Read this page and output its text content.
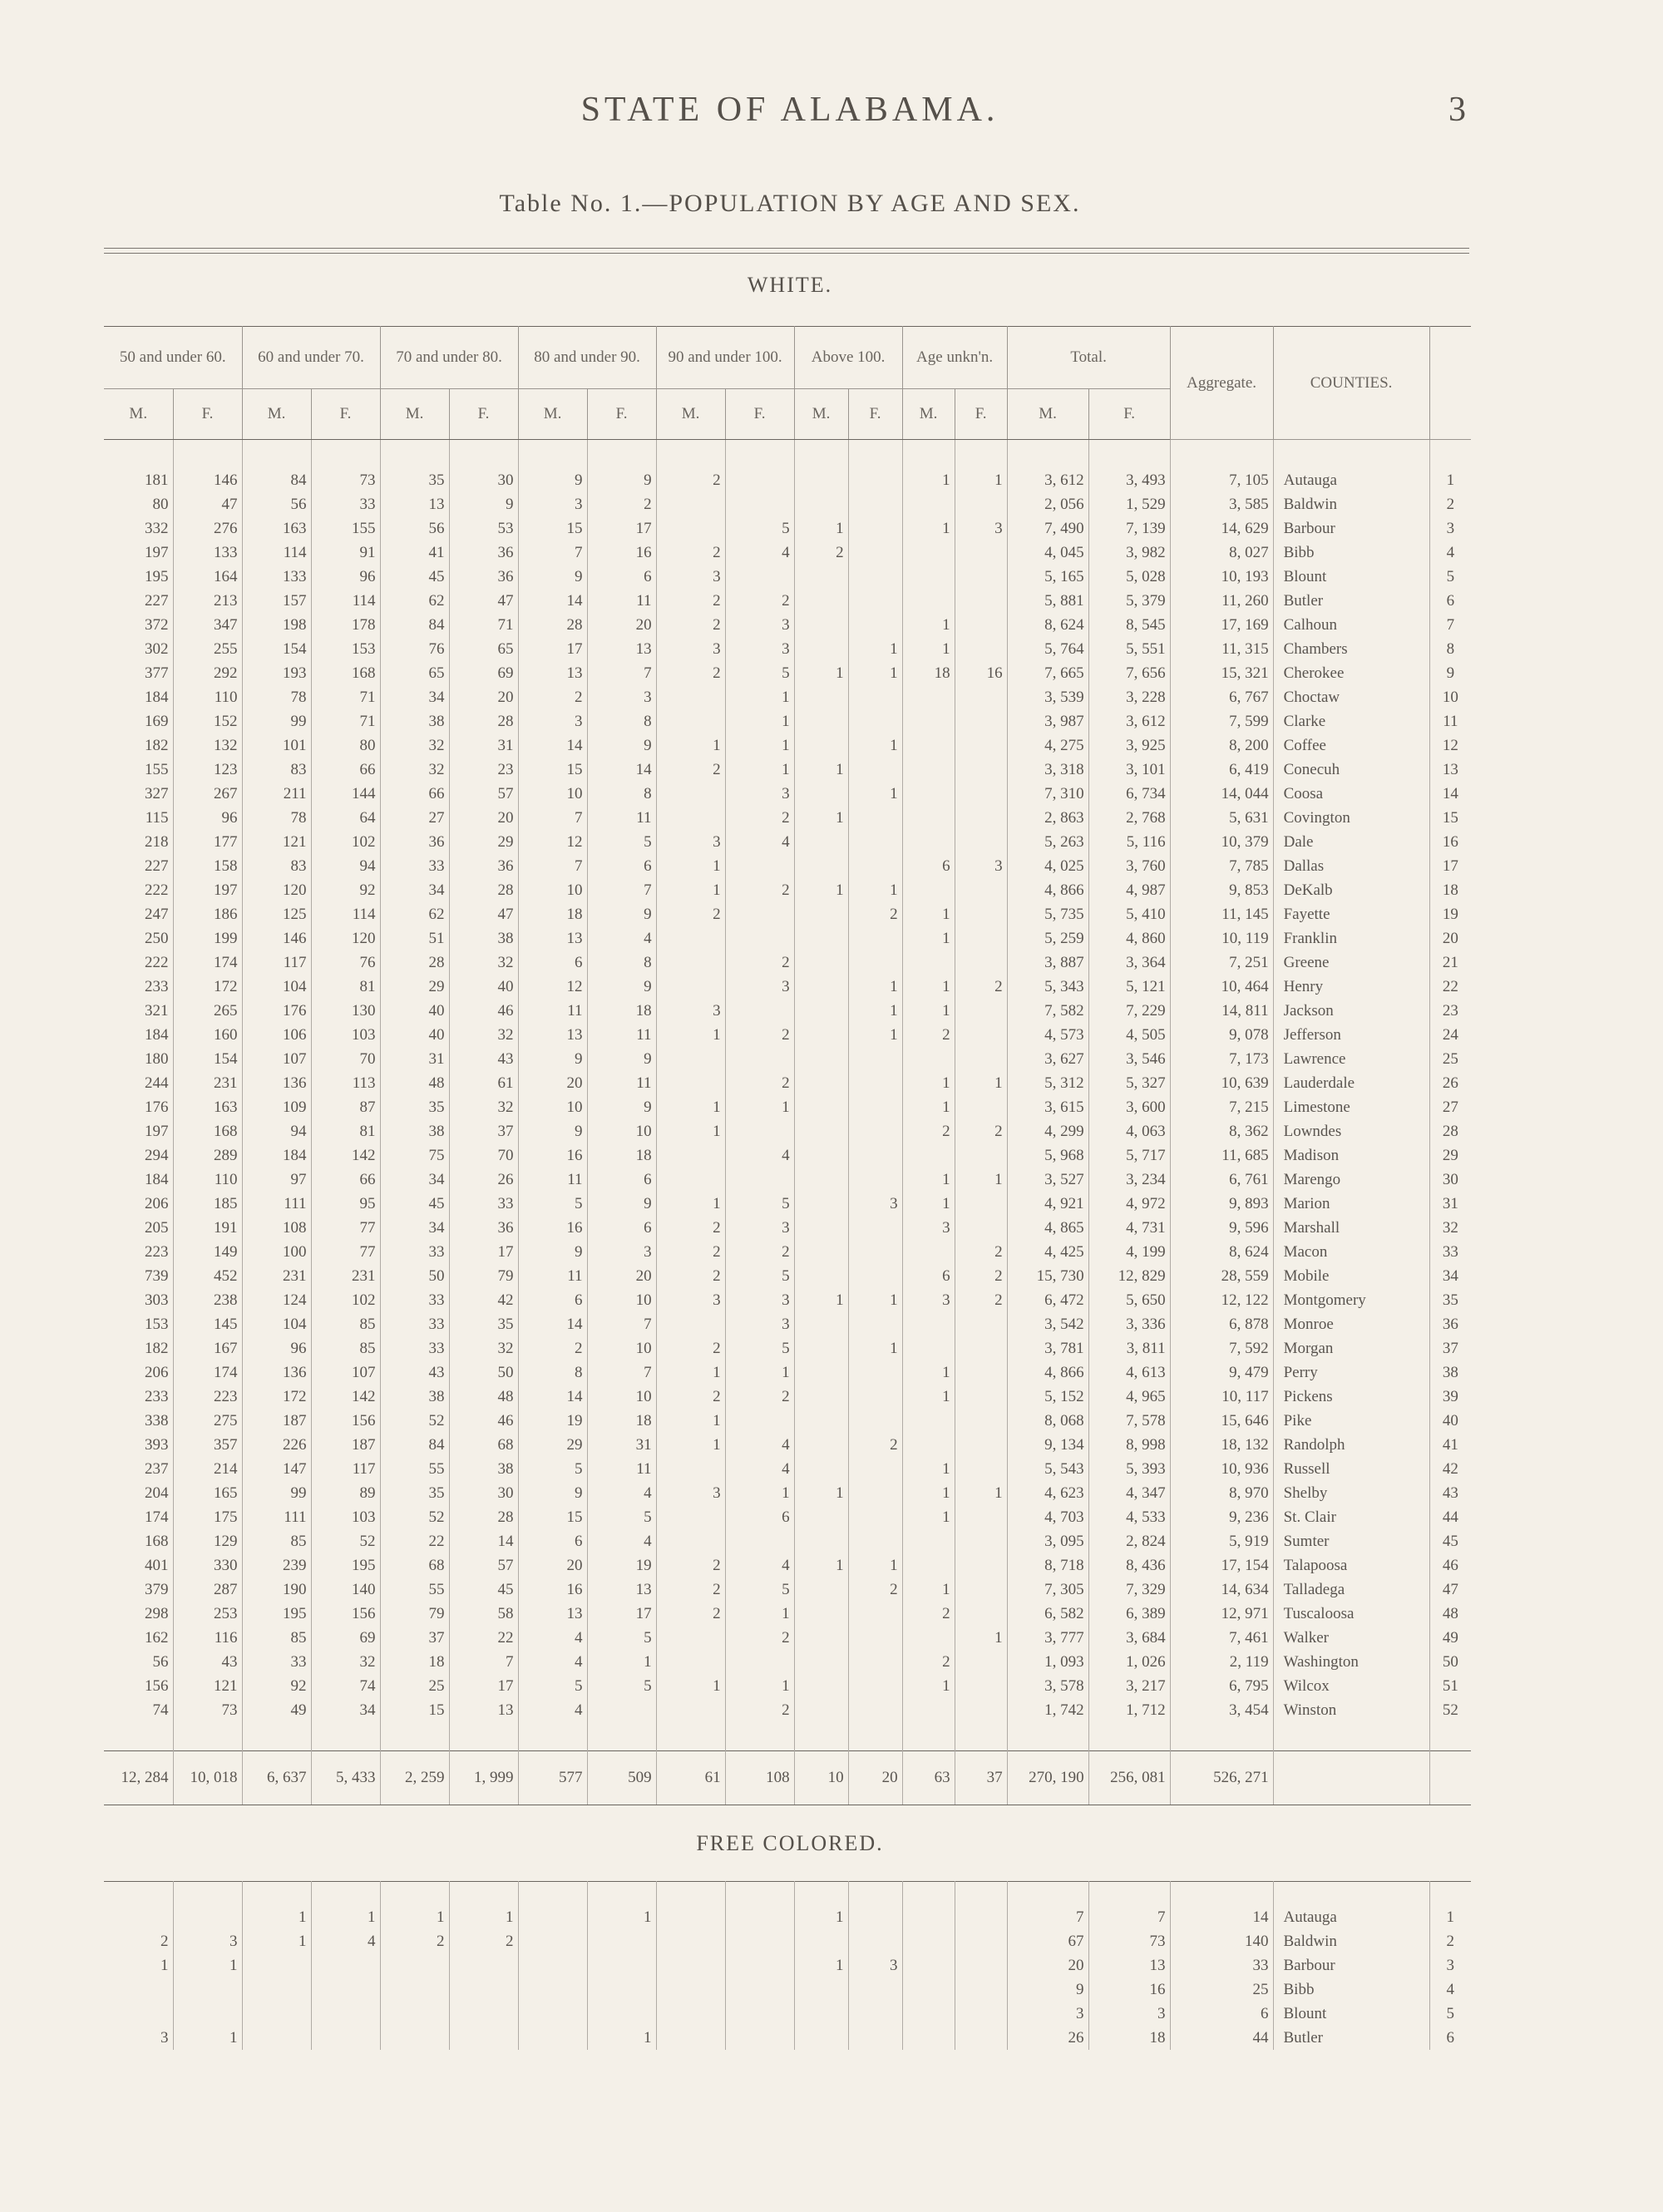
STATE OF ALABAMA.	3
Table No. 1.—POPULATION BY AGE AND SEX.
WHITE.
50 and under 60.		60 and under 70.		70 and under 80.		80 and under 90.		90 and under 100.		Above 100.		Age unkn'n.		Total.		Aggregate.	COUNTIES.	
M.	F.	M.	F.	M.	F.	M.	F.	M.	F.	M.	F.	M.	F.	M.	F.			

181	146	84	73	35	30	9	9	2				1	1	3, 612	3, 493	7, 105	Autauga	1
80	47	56	33	13	9	3	2							2, 056	1, 529	3, 585	Baldwin	2
332	276	163	155	56	53	15	17		5	1		1	3	7, 490	7, 139	14, 629	Barbour	3
197	133	114	91	41	36	7	16	2	4	2				4, 045	3, 982	8, 027	Bibb	4
195	164	133	96	45	36	9	6	3						5, 165	5, 028	10, 193	Blount	5
227	213	157	114	62	47	14	11	2	2					5, 881	5, 379	11, 260	Butler	6
372	347	198	178	84	71	28	20	2	3			1		8, 624	8, 545	17, 169	Calhoun	7
302	255	154	153	76	65	17	13	3	3		1	1		5, 764	5, 551	11, 315	Chambers	8
377	292	193	168	65	69	13	7	2	5	1	1	18	16	7, 665	7, 656	15, 321	Cherokee	9
184	110	78	71	34	20	2	3		1					3, 539	3, 228	6, 767	Choctaw	10
169	152	99	71	38	28	3	8		1					3, 987	3, 612	7, 599	Clarke	11
182	132	101	80	32	31	14	9	1	1		1			4, 275	3, 925	8, 200	Coffee	12
155	123	83	66	32	23	15	14	2	1	1				3, 318	3, 101	6, 419	Conecuh	13
327	267	211	144	66	57	10	8		3		1			7, 310	6, 734	14, 044	Coosa	14
115	96	78	64	27	20	7	11		2	1				2, 863	2, 768	5, 631	Covington	15
218	177	121	102	36	29	12	5	3	4					5, 263	5, 116	10, 379	Dale	16
227	158	83	94	33	36	7	6	1				6	3	4, 025	3, 760	7, 785	Dallas	17
222	197	120	92	34	28	10	7	1	2	1	1			4, 866	4, 987	9, 853	DeKalb	18
247	186	125	114	62	47	18	9	2			2	1		5, 735	5, 410	11, 145	Fayette	19
250	199	146	120	51	38	13	4					1		5, 259	4, 860	10, 119	Franklin	20
222	174	117	76	28	32	6	8		2					3, 887	3, 364	7, 251	Greene	21
233	172	104	81	29	40	12	9		3		1	1	2	5, 343	5, 121	10, 464	Henry	22
321	265	176	130	40	46	11	18	3			1	1		7, 582	7, 229	14, 811	Jackson	23
184	160	106	103	40	32	13	11	1	2		1	2		4, 573	4, 505	9, 078	Jefferson	24
180	154	107	70	31	43	9	9							3, 627	3, 546	7, 173	Lawrence	25
244	231	136	113	48	61	20	11		2			1	1	5, 312	5, 327	10, 639	Lauderdale	26
176	163	109	87	35	32	10	9	1	1			1		3, 615	3, 600	7, 215	Limestone	27
197	168	94	81	38	37	9	10	1				2	2	4, 299	4, 063	8, 362	Lowndes	28
294	289	184	142	75	70	16	18		4					5, 968	5, 717	11, 685	Madison	29
184	110	97	66	34	26	11	6					1	1	3, 527	3, 234	6, 761	Marengo	30
206	185	111	95	45	33	5	9	1	5		3	1		4, 921	4, 972	9, 893	Marion	31
205	191	108	77	34	36	16	6	2	3			3		4, 865	4, 731	9, 596	Marshall	32
223	149	100	77	33	17	9	3	2	2				2	4, 425	4, 199	8, 624	Macon	33
739	452	231	231	50	79	11	20	2	5			6	2	15, 730	12, 829	28, 559	Mobile	34
303	238	124	102	33	42	6	10	3	3	1	1	3	2	6, 472	5, 650	12, 122	Montgomery	35
153	145	104	85	33	35	14	7		3					3, 542	3, 336	6, 878	Monroe	36
182	167	96	85	33	32	2	10	2	5		1			3, 781	3, 811	7, 592	Morgan	37
206	174	136	107	43	50	8	7	1	1			1		4, 866	4, 613	9, 479	Perry	38
233	223	172	142	38	48	14	10	2	2			1		5, 152	4, 965	10, 117	Pickens	39
338	275	187	156	52	46	19	18	1						8, 068	7, 578	15, 646	Pike	40
393	357	226	187	84	68	29	31	1	4		2			9, 134	8, 998	18, 132	Randolph	41
237	214	147	117	55	38	5	11		4			1		5, 543	5, 393	10, 936	Russell	42
204	165	99	89	35	30	9	4	3	1	1		1	1	4, 623	4, 347	8, 970	Shelby	43
174	175	111	103	52	28	15	5		6			1		4, 703	4, 533	9, 236	St. Clair	44
168	129	85	52	22	14	6	4							3, 095	2, 824	5, 919	Sumter	45
401	330	239	195	68	57	20	19	2	4	1	1			8, 718	8, 436	17, 154	Talapoosa	46
379	287	190	140	55	45	16	13	2	5		2	1		7, 305	7, 329	14, 634	Talladega	47
298	253	195	156	79	58	13	17	2	1			2		6, 582	6, 389	12, 971	Tuscaloosa	48
162	116	85	69	37	22	4	5		2				1	3, 777	3, 684	7, 461	Walker	49
56	43	33	32	18	7	4	1					2		1, 093	1, 026	2, 119	Washington	50
156	121	92	74	25	17	5	5	1	1			1		3, 578	3, 217	6, 795	Wilcox	51
74	73	49	34	15	13	4			2					1, 742	1, 712	3, 454	Winston	52

12, 284	10, 018	6, 637	5, 433	2, 259	1, 999	577	509	61	108	10	20	63	37	270, 190	256, 081	526, 271		
FREE COLORED.

		1	1	1	1		1			1				7	7	14	Autauga	1
2	3	1	4	2	2									67	73	140	Baldwin	2
1	1									1	3			20	13	33	Barbour	3
														9	16	25	Bibb	4
														3	3	6	Blount	5
3	1						1							26	18	44	Butler	6
